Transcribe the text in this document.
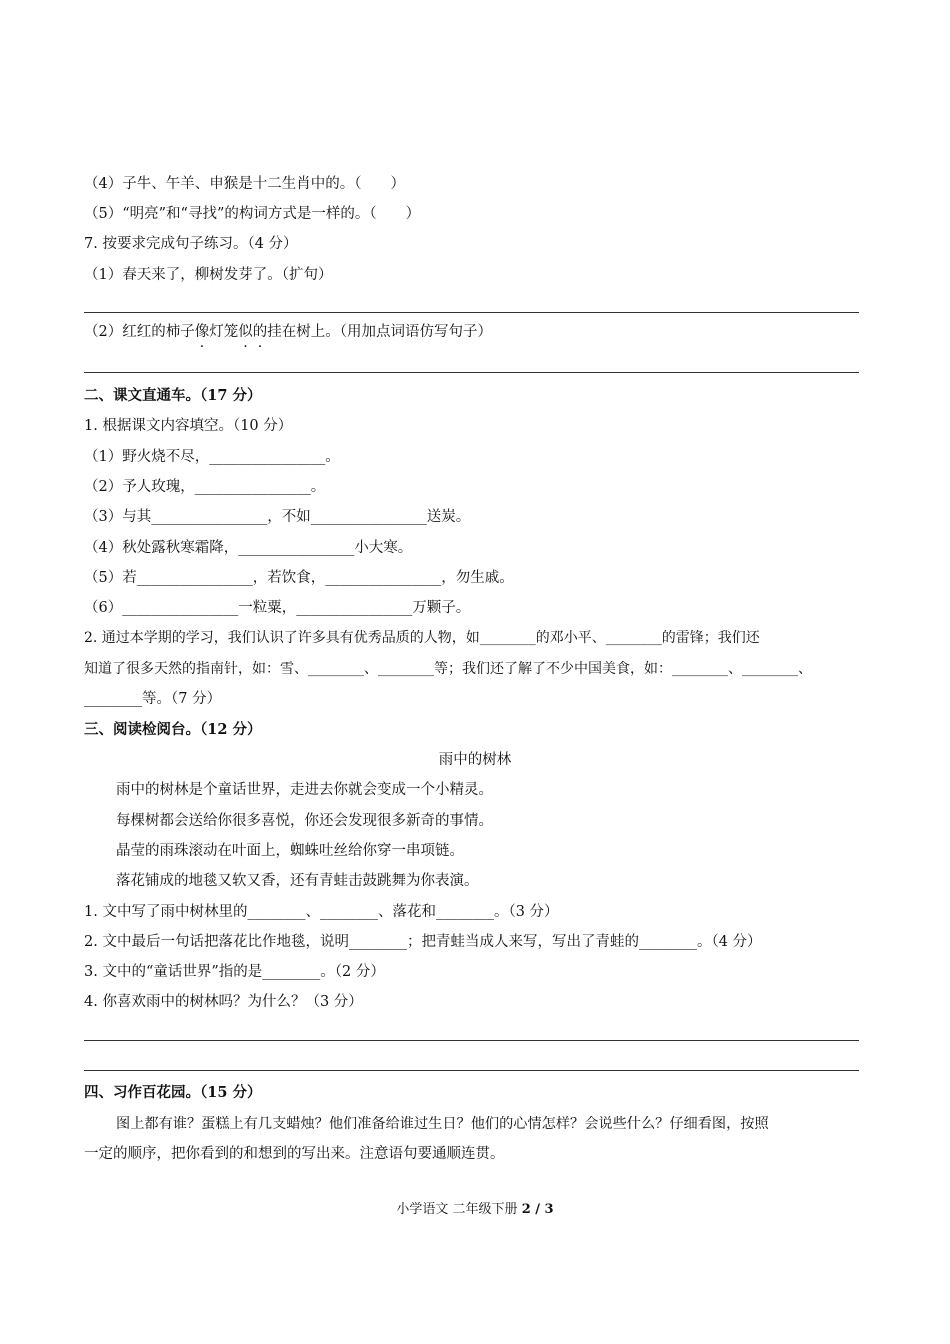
（4）子牛、午羊、申猴是十二生肖中的。（　　）
（5）“明亮”和“寻找”的构词方式是一样的。（　　）
7. 按要求完成句子练习。（4 分）
（1）春天来了，柳树发芽了。（扩句）
（2）红红的柿子像灯笼似的挂在树上。（用加点词语仿写句子）
二、课文直通车。（17 分）
1. 根据课文内容填空。（10 分）
（1）野火烧不尽，________________。
（2）予人玫瑰，________________。
（3）与其________________，不如________________送炭。
（4）秋处露秋寒霜降，________________小大寒。
（5）若________________，若饮食，________________，勿生戚。
（6）________________一粒粟，________________万颗子。
2. 通过本学期的学习，我们认识了许多具有优秀品质的人物，如________的邓小平、________的雷锋；我们还
知道了很多天然的指南针，如：雪、________、________等；我们还了解了不少中国美食，如：________、________、
________等。（7 分）
三、阅读检阅台。（12 分）
雨中的树林
雨中的树林是个童话世界，走进去你就会变成一个小精灵。
每棵树都会送给你很多喜悦，你还会发现很多新奇的事情。
晶莹的雨珠滚动在叶面上，蜘蛛吐丝给你穿一串项链。
落花铺成的地毯又软又香，还有青蛙击鼓跳舞为你表演。
1. 文中写了雨中树林里的________、________、落花和________。（3 分）
2. 文中最后一句话把落花比作地毯，说明________；把青蛙当成人来写，写出了青蛙的________。（4 分）
3. 文中的“童话世界”指的是________。（2 分）
4. 你喜欢雨中的树林吗？为什么？（3 分）
四、习作百花园。（15 分）
图上都有谁？蛋糕上有几支蜡烛？他们准备给谁过生日？他们的心情怎样？会说些什么？仔细看图，按照
一定的顺序，把你看到的和想到的写出来。注意语句要通顺连贯。
小学语文 二年级下册 2 / 3
